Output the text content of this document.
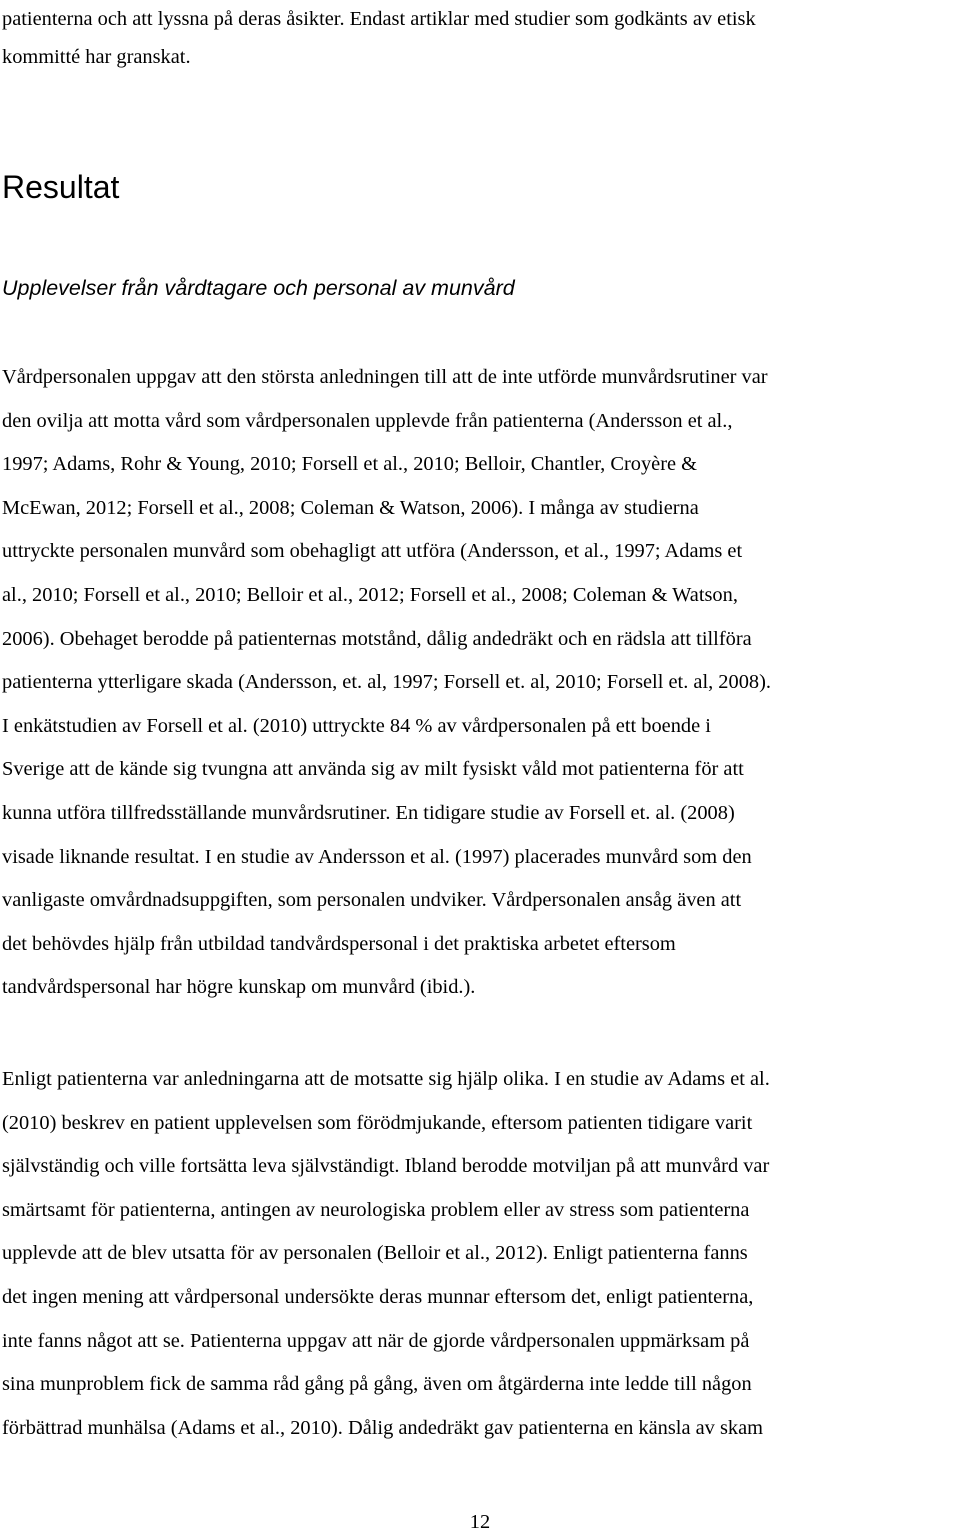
patienterna och att lyssna på deras åsikter. Endast artiklar med studier som godkänts av etisk
kommitté har granskat.

Resultat
Upplevelser från vårdtagare och personal av munvård

Vårdpersonalen uppgav att den största anledningen till att de inte utförde munvårdsrutiner var
den ovilja att motta vård som vårdpersonalen upplevde från patienterna (Andersson et al.,
1997; Adams, Rohr & Young, 2010; Forsell et al., 2010; Belloir, Chantler, Croyère &
McEwan, 2012; Forsell et al., 2008; Coleman & Watson, 2006). I många av studierna
uttryckte personalen munvård som obehagligt att utföra (Andersson, et al., 1997; Adams et
al., 2010; Forsell et al., 2010; Belloir et al., 2012; Forsell et al., 2008; Coleman & Watson,
2006). Obehaget berodde på patienternas motstånd, dålig andedräkt och en rädsla att tillföra
patienterna ytterligare skada (Andersson, et. al, 1997; Forsell et. al, 2010; Forsell et. al, 2008).
I enkätstudien av Forsell et al. (2010) uttryckte 84 % av vårdpersonalen på ett boende i
Sverige att de kände sig tvungna att använda sig av milt fysiskt våld mot patienterna för att
kunna utföra tillfredsställande munvårdsrutiner. En tidigare studie av Forsell et. al. (2008)
visade liknande resultat. I en studie av Andersson et al. (1997) placerades munvård som den
vanligaste omvårdnadsuppgiften, som personalen undviker. Vårdpersonalen ansåg även att
det behövdes hjälp från utbildad tandvårdspersonal i det praktiska arbetet eftersom
tandvårdspersonal har högre kunskap om munvård (ibid.).

Enligt patienterna var anledningarna att de motsatte sig hjälp olika. I en studie av Adams et al.
(2010) beskrev en patient upplevelsen som förödmjukande, eftersom patienten tidigare varit
självständig och ville fortsätta leva självständigt. Ibland berodde motviljan på att munvård var
smärtsamt för patienterna, antingen av neurologiska problem eller av stress som patienterna
upplevde att de blev utsatta för av personalen (Belloir et al., 2012). Enligt patienterna fanns
det ingen mening att vårdpersonal undersökte deras munnar eftersom det, enligt patienterna,
inte fanns något att se. Patienterna uppgav att när de gjorde vårdpersonalen uppmärksam på
sina munproblem fick de samma råd gång på gång, även om åtgärderna inte ledde till någon
förbättrad munhälsa (Adams et al., 2010). Dålig andedräkt gav patienterna en känsla av skam

12
